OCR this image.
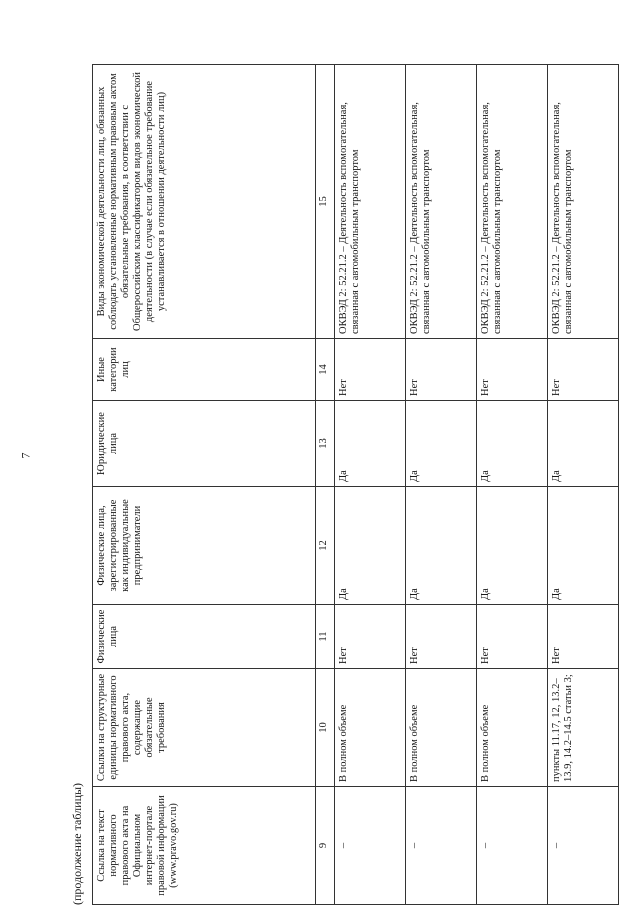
7
(продолжение таблицы) Ссылка на текст нормативного правового акта на Официальном интернет-портале правовой информации (www.pravo.gov.ru)	Ссылки на структурные единицы нормативного правового акта, содержащие обязательные требования	Физические лица	Физические лица, зарегистрированные как индивидуальные предприниматели	Юридические лица	Иные категории лиц	Виды экономической деятельности лиц, обязанных соблюдать установленные нормативным правовым актом обязательные требования, в соответствии с Общероссийским классификатором видов экономической деятельности (в случае если обязательное требование устанавливается в отношении деятельности лиц)
9	10	11	12	13	14	15
–	В полном объеме	Нет	Да	Да	Нет	ОКВЭД 2: 52.21.2 – Деятельность вспомогательная, связанная с автомобильным транспортом
–	В полном объеме	Нет	Да	Да	Нет	ОКВЭД 2: 52.21.2 – Деятельность вспомогательная, связанная с автомобильным транспортом
–	В полном объеме	Нет	Да	Да	Нет	ОКВЭД 2: 52.21.2 – Деятельность вспомогательная, связанная с автомобильным транспортом
–	пункты 11.17, 12, 13.2–13.9, 14.2–14.5 статьи 3;	Нет	Да	Да	Нет	ОКВЭД 2: 52.21.2 – Деятельность вспомогательная, связанная с автомобильным транспортом
